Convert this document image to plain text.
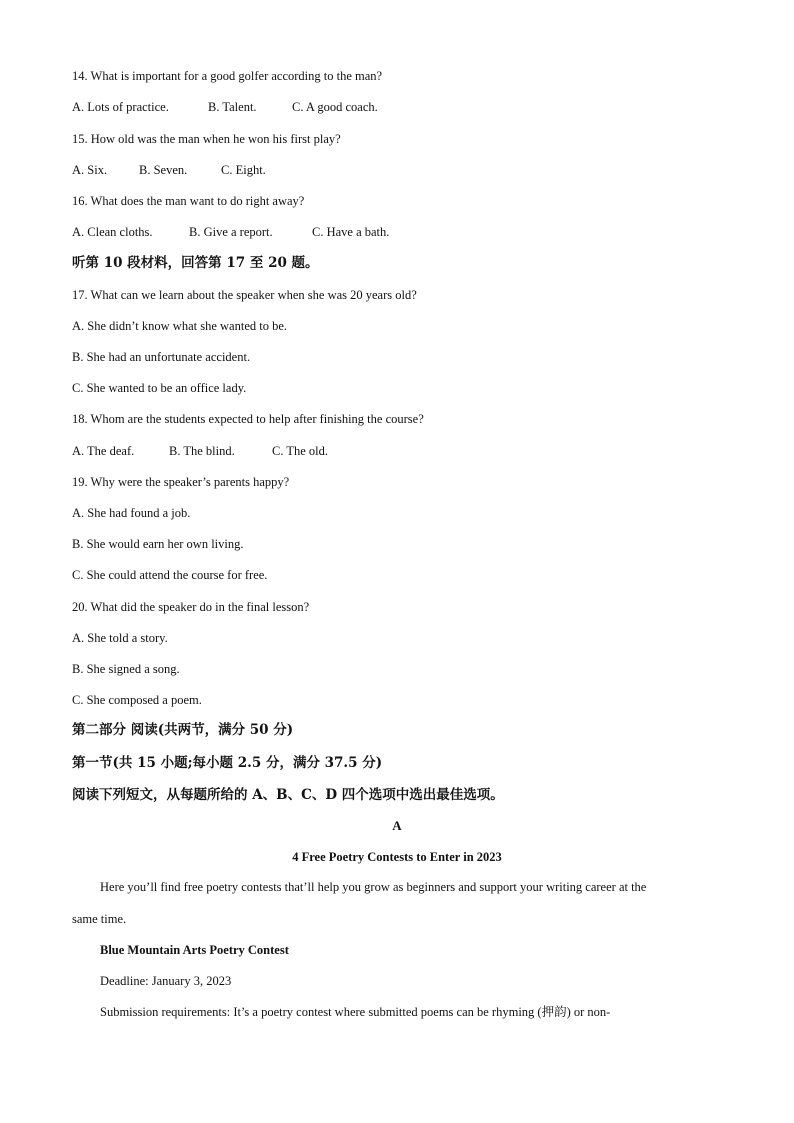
14. What is important for a good golfer according to the man?
A. Lots of practice.	B. Talent.	C. A good coach.
15. How old was the man when he won his first play?
A. Six.	B. Seven.	C. Eight.
16. What does the man want to do right away?
A. Clean cloths.	B. Give a report.	C. Have a bath.
听第 10 段材料，回答第 17 至 20 题。
17. What can we learn about the speaker when she was 20 years old?
A. She didn’t know what she wanted to be.
B. She had an unfortunate accident.
C. She wanted to be an office lady.
18. Whom are the students expected to help after finishing the course?
A. The deaf.	B. The blind.	C. The old.
19. Why were the speaker’s parents happy?
A. She had found a job.
B. She would earn her own living.
C. She could attend the course for free.
20. What did the speaker do in the final lesson?
A. She told a story.
B. She signed a song.
C. She composed a poem.
第二部分 阅读(共两节，满分 50 分)
第一节(共 15 小题;每小题 2.5 分，满分 37.5 分)
阅读下列短文，从每题所给的 A、B、C、D 四个选项中选出最佳选项。
A
4 Free Poetry Contests to Enter in 2023
Here you’ll find free poetry contests that’ll help you grow as beginners and support your writing career at the
same time.
Blue Mountain Arts Poetry Contest
Deadline: January 3, 2023
Submission requirements: It’s a poetry contest where submitted poems can be rhyming (押韵) or non-
